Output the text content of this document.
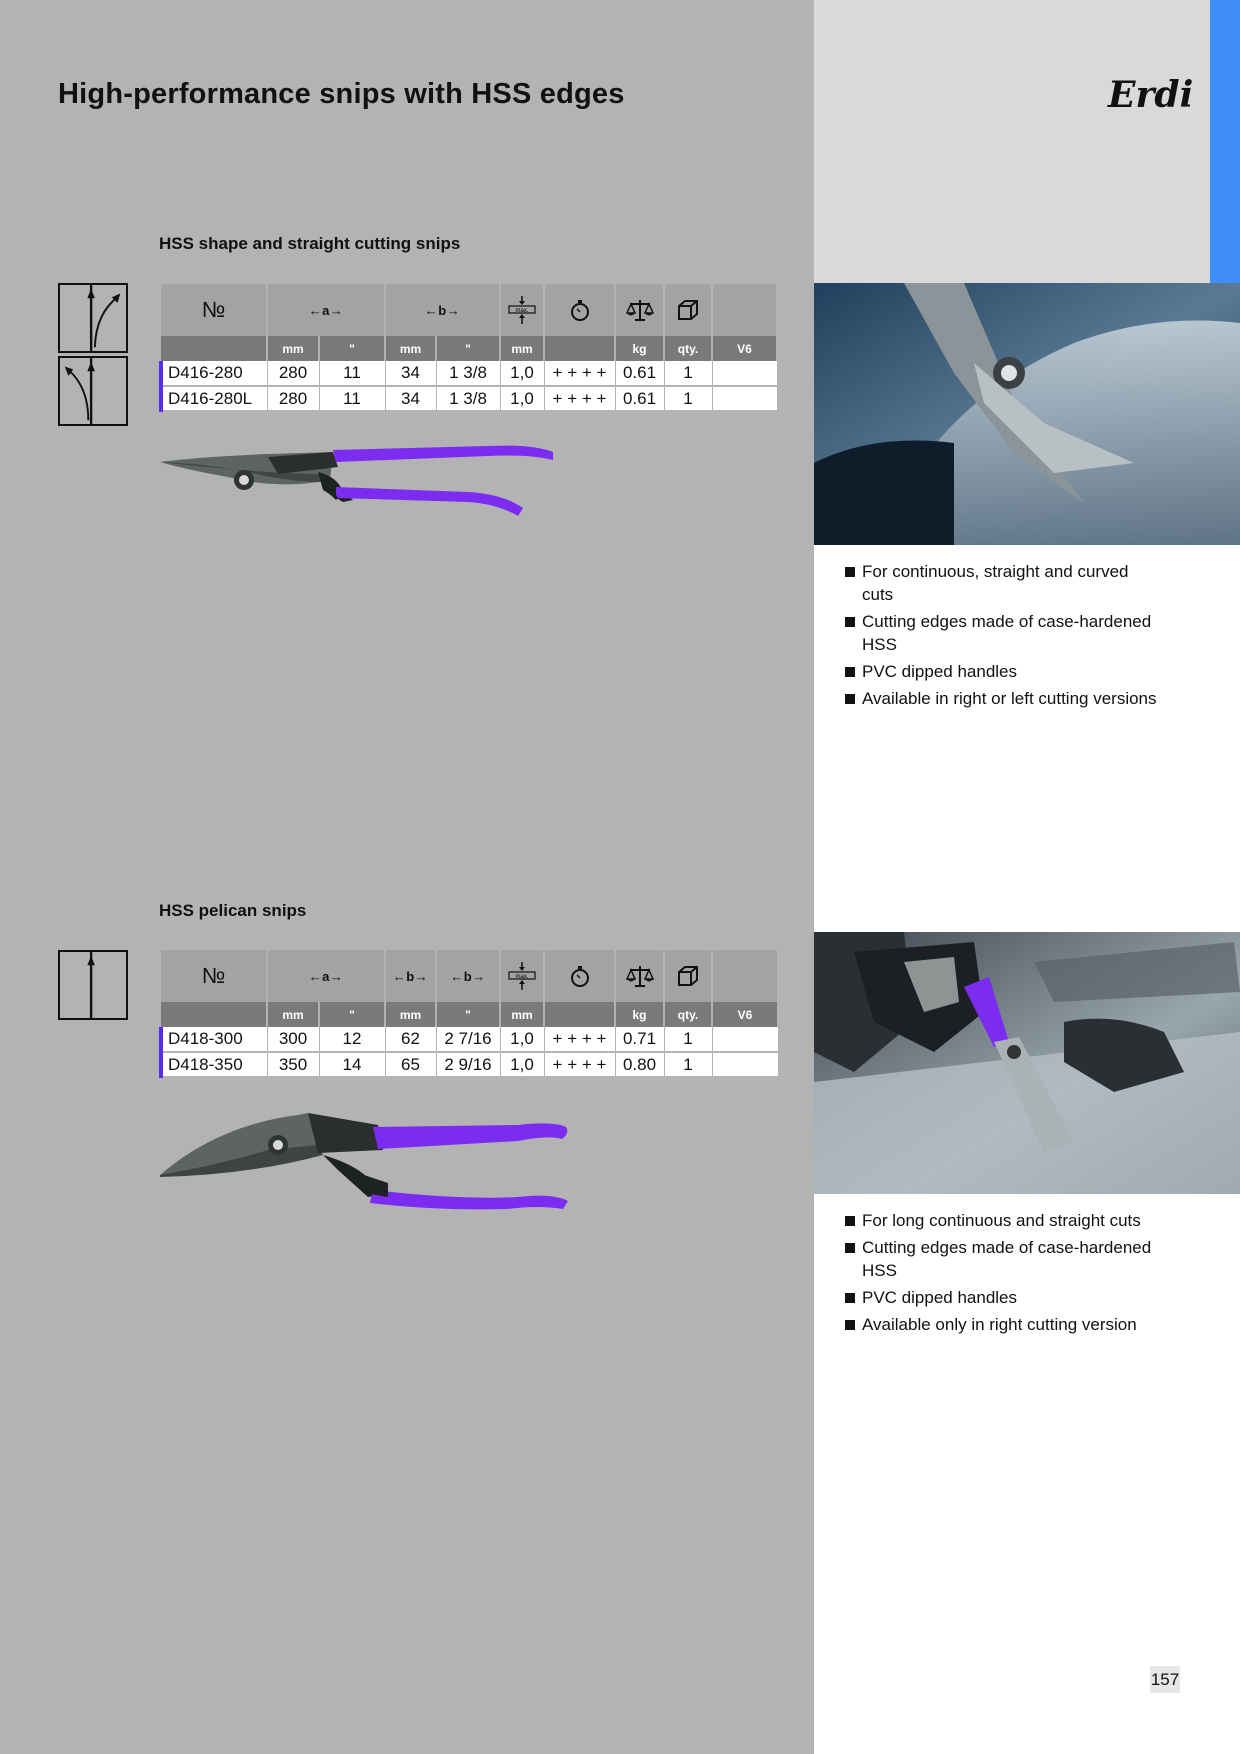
High-performance snips with HSS edges	Erdi
HSS shape and straight cutting snips
№	←a→		←b→		max.

	mm	"	mm	"	mm		kg	qty.	V6
D416-280	280	11	34	1 3/8	1,0	+ + + +	0.61	1	
D416-280L	280	11	34	1 3/8	1,0	+ + + +	0.61	1	
For continuous, straight and curved cuts
Cutting edges made of case-hardened HSS
PVC dipped handles
Available in right or left cutting versions
HSS pelican snips
№	←a→		←b→	←b→	max.

	mm	"	mm	"	mm		kg	qty.	V6
D418-300	300	12	62	2 7/16	1,0	+ + + +	0.71	1	
D418-350	350	14	65	2 9/16	1,0	+ + + +	0.80	1	
For long continuous and straight cuts
Cutting edges made of case-hardened HSS
PVC dipped handles
Available only in right cutting version
157
